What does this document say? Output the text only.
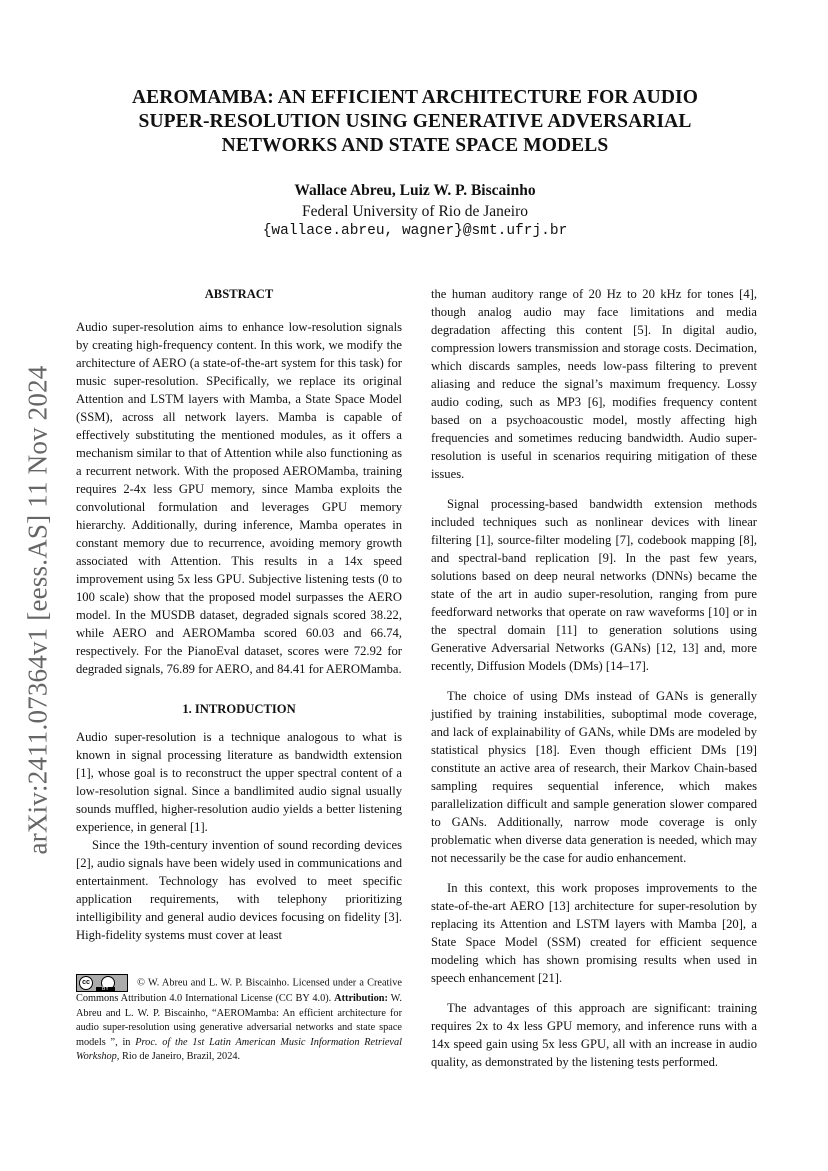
arXiv:2411.07364v1 [eess.AS] 11 Nov 2024
AEROMAMBA: AN EFFICIENT ARCHITECTURE FOR AUDIO
SUPER-RESOLUTION USING GENERATIVE ADVERSARIAL
NETWORKS AND STATE SPACE MODELS
Wallace Abreu, Luiz W. P. Biscainho
Federal University of Rio de Janeiro
{wallace.abreu, wagner}@smt.ufrj.br
ABSTRACT

Audio super-resolution aims to enhance low-resolution signals by creating high-frequency content. In this work, we modify the architecture of AERO (a state-of-the-art system for this task) for music super-resolution. SPecifically, we replace its original Attention and LSTM layers with Mamba, a State Space Model (SSM), across all network layers. Mamba is capable of effectively substituting the mentioned modules, as it offers a mechanism similar to that of Attention while also functioning as a recurrent network. With the proposed AEROMamba, training requires 2-4x less GPU memory, since Mamba exploits the convolutional formulation and leverages GPU memory hierarchy. Additionally, during inference, Mamba operates in constant memory due to recurrence, avoiding memory growth associated with Attention. This results in a 14x speed improvement using 5x less GPU. Subjective listening tests (0 to 100 scale) show that the proposed model surpasses the AERO model. In the MUSDB dataset, degraded signals scored 38.22, while AERO and AEROMamba scored 60.03 and 66.74, respectively. For the PianoEval dataset, scores were 72.92 for degraded signals, 76.89 for AERO, and 84.41 for AEROMamba.

1. INTRODUCTION

Audio super-resolution is a technique analogous to what is known in signal processing literature as bandwidth extension [1], whose goal is to reconstruct the upper spectral content of a low-resolution signal. Since a bandlimited audio signal usually sounds muffled, higher-resolution audio yields a better listening experience, in general [1].

Since the 19th-century invention of sound recording devices [2], audio signals have been widely used in communications and entertainment. Technology has evolved to meet specific application requirements, with telephony prioritizing intelligibility and general audio devices focusing on fidelity [3]. High-fidelity systems must cover at least

the human auditory range of 20 Hz to 20 kHz for tones [4], though analog audio may face limitations and media degradation affecting this content [5]. In digital audio, compression lowers transmission and storage costs. Decimation, which discards samples, needs low-pass filtering to prevent aliasing and reduce the signal’s maximum frequency. Lossy audio coding, such as MP3 [6], modifies frequency content based on a psychoacoustic model, mostly affecting high frequencies and sometimes reducing bandwidth. Audio super-resolution is useful in scenarios requiring mitigation of these issues.

Signal processing-based bandwidth extension methods included techniques such as nonlinear devices with linear filtering [1], source-filter modeling [7], codebook mapping [8], and spectral-band replication [9]. In the past few years, solutions based on deep neural networks (DNNs) became the state of the art in audio super-resolution, ranging from pure feedforward networks that operate on raw waveforms [10] or in the spectral domain [11] to generation solutions using Generative Adversarial Networks (GANs) [12, 13] and, more recently, Diffusion Models (DMs) [14–17].

The choice of using DMs instead of GANs is generally justified by training instabilities, suboptimal mode coverage, and lack of explainability of GANs, while DMs are modeled by statistical physics [18]. Even though efficient DMs [19] constitute an active area of research, their Markov Chain-based sampling requires sequential inference, which makes parallelization difficult and sample generation slower compared to GANs. Additionally, narrow mode coverage is only problematic when diverse data generation is needed, which may not necessarily be the case for audio enhancement.

In this context, this work proposes improvements to the state-of-the-art AERO [13] architecture for super-resolution by replacing its Attention and LSTM layers with Mamba [20], a State Space Model (SSM) created for efficient sequence modeling which has shown promising results when used in speech enhancement [21].

The advantages of this approach are significant: training requires 2x to 4x less GPU memory, and inference runs with a 14x speed gain using 5x less GPU, all with an increase in audio quality, as demonstrated by the listening tests performed.

cc
BY
© W. Abreu and L. W. P. Biscainho. Licensed under a Creative Commons Attribution 4.0 International License (CC BY 4.0). Attribution: W. Abreu and L. W. P. Biscainho, “AEROMamba: An efficient architecture for audio super-resolution using generative adversarial networks and state space models ”, in Proc. of the 1st Latin American Music Information Retrieval Workshop, Rio de Janeiro, Brazil, 2024.
